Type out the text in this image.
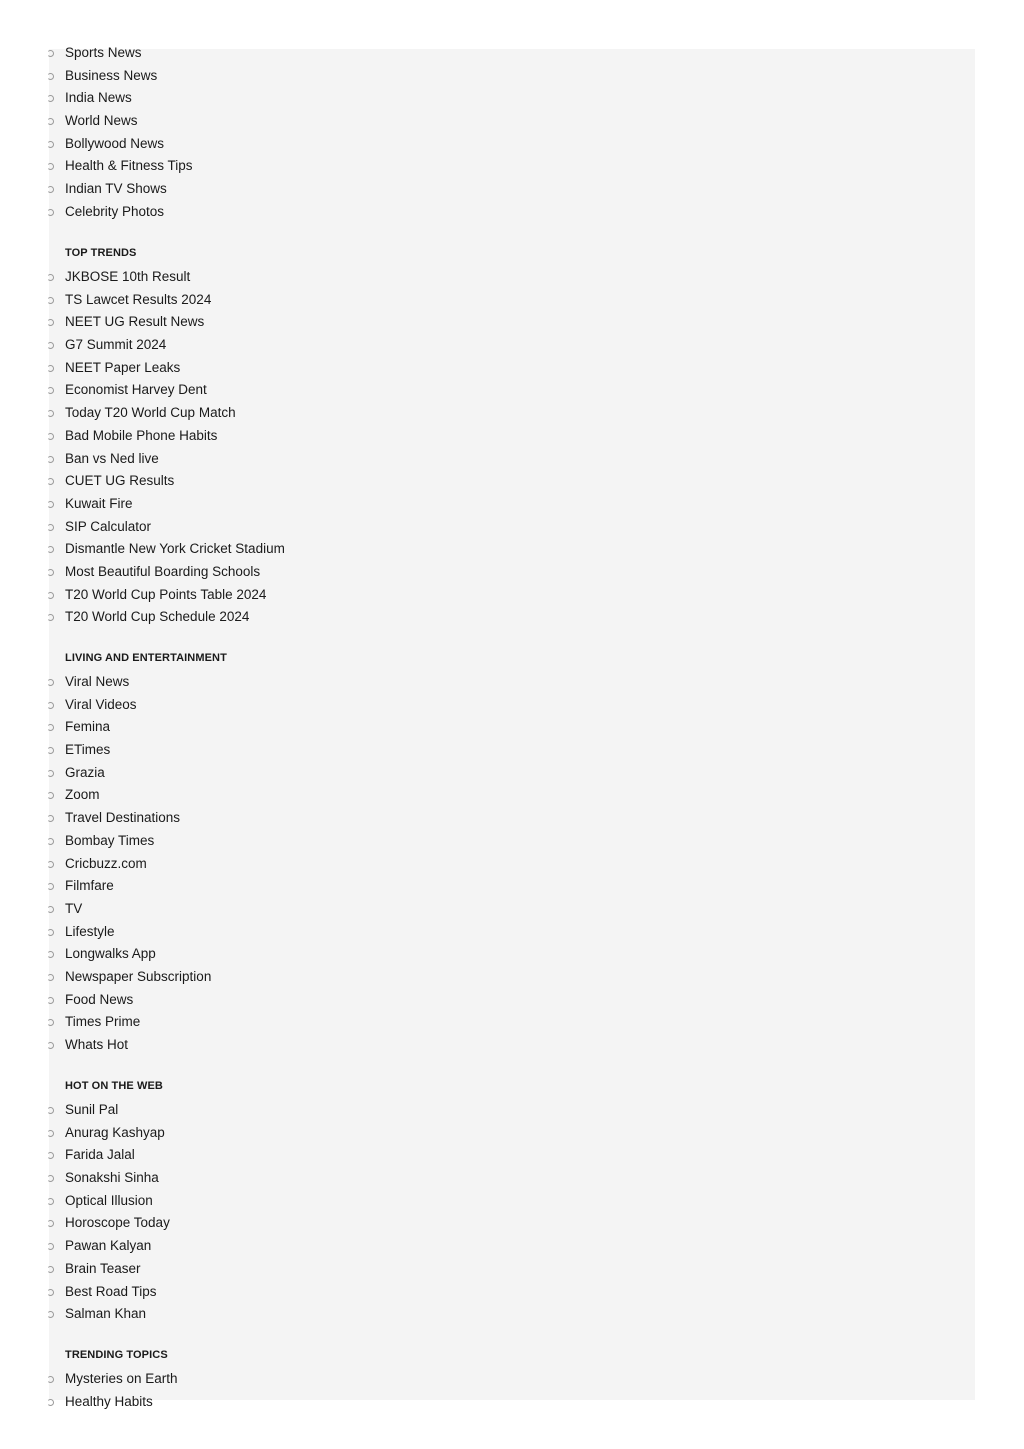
Sports News
Business News
India News
World News
Bollywood News
Health & Fitness Tips
Indian TV Shows
Celebrity Photos
TOP TRENDS
JKBOSE 10th Result
TS Lawcet Results 2024
NEET UG Result News
G7 Summit 2024
NEET Paper Leaks
Economist Harvey Dent
Today T20 World Cup Match
Bad Mobile Phone Habits
Ban vs Ned live
CUET UG Results
Kuwait Fire
SIP Calculator
Dismantle New York Cricket Stadium
Most Beautiful Boarding Schools
T20 World Cup Points Table 2024
T20 World Cup Schedule 2024
LIVING AND ENTERTAINMENT
Viral News
Viral Videos
Femina
ETimes
Grazia
Zoom
Travel Destinations
Bombay Times
Cricbuzz.com
Filmfare
TV
Lifestyle
Longwalks App
Newspaper Subscription
Food News
Times Prime
Whats Hot
HOT ON THE WEB
Sunil Pal
Anurag Kashyap
Farida Jalal
Sonakshi Sinha
Optical Illusion
Horoscope Today
Pawan Kalyan
Brain Teaser
Best Road Tips
Salman Khan
TRENDING TOPICS
Mysteries on Earth
Healthy Habits
